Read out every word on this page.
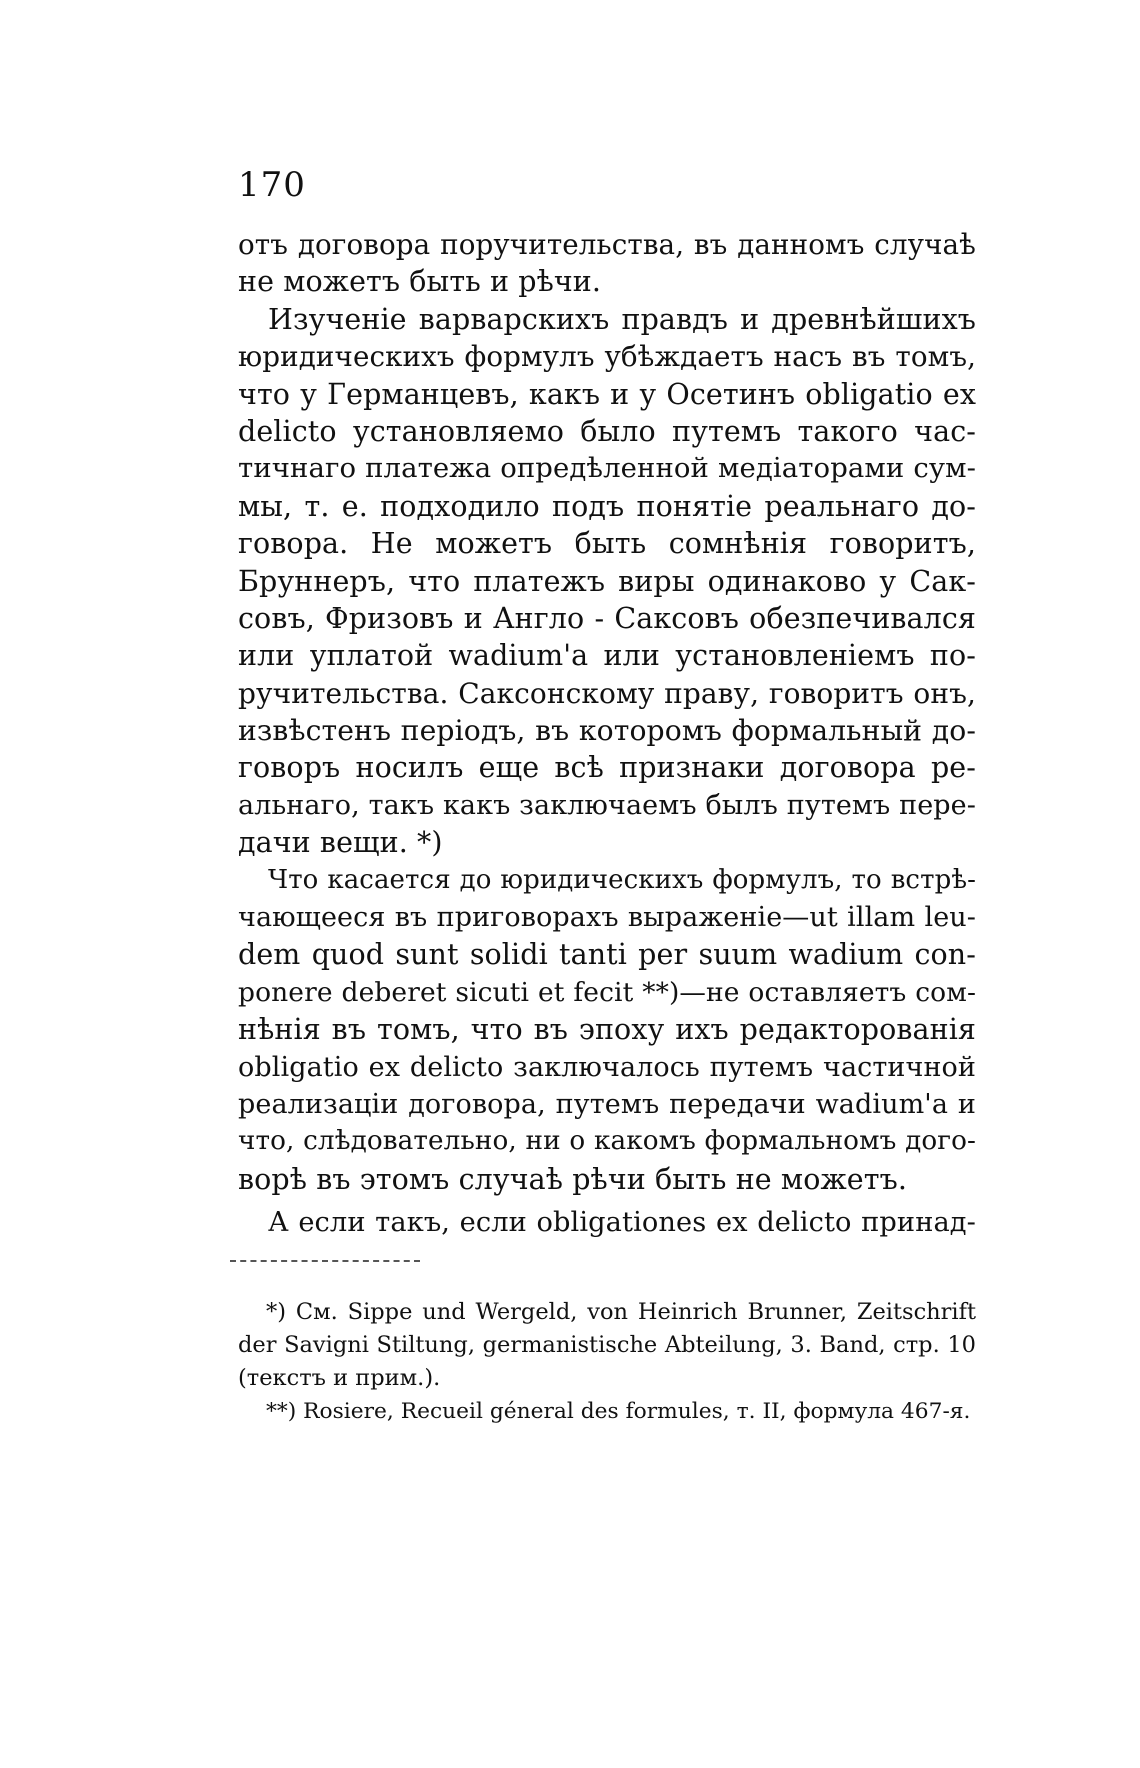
170
отъ договора поручительства, въ данномъ случаѣ
не можетъ быть и рѣчи.
Изученіе варварскихъ правдъ и древнѣйшихъ
юридическихъ формулъ убѣждаетъ насъ въ томъ,
что у Германцевъ, какъ и у Осетинъ obligatio ex
delicto установляемо было путемъ такого час-
тичнаго платежа опредѣленной медіаторами сум-
мы, т. е. подходило подъ понятіе реальнаго до-
говора. Не можетъ быть сомнѣнія говоритъ,
Бруннеръ, что платежъ виры одинаково у Сак-
совъ, Фризовъ и Англо - Саксовъ обезпечивался
или уплатой wadium'а или установленіемъ по-
ручительства. Саксонскому праву, говоритъ онъ,
извѣстенъ періодъ, въ которомъ формальный до-
говоръ носилъ еще всѣ признаки договора ре-
альнаго, такъ какъ заключаемъ былъ путемъ пере-
дачи вещи. *)
Что касается до юридическихъ формулъ, то встрѣ-
чающееся въ приговорахъ выраженіе—ut illam leu-
dem quod sunt solidi tanti per suum wadium con-
ponere deberet sicuti et fecit **)—не оставляетъ сом-
нѣнія въ томъ, что въ эпоху ихъ редакторованія
obligatio ex delicto заключалось путемъ частичной
реализаціи договора, путемъ передачи wadium'а и
что, слѣдовательно, ни о какомъ формальномъ дого-
ворѣ въ этомъ случаѣ рѣчи быть не можетъ.
А если такъ, если obligationes ex delicto принад-
*) См. Sippe und Wergeld, von Heinrich Brunner, Zeitschrift
der Savigni Stiltung, germanistische Abteilung, 3. Band, стр. 10
(текстъ и прим.).
**) Rosiere, Recueil géneral des formules, т. II, формула 467-я.
